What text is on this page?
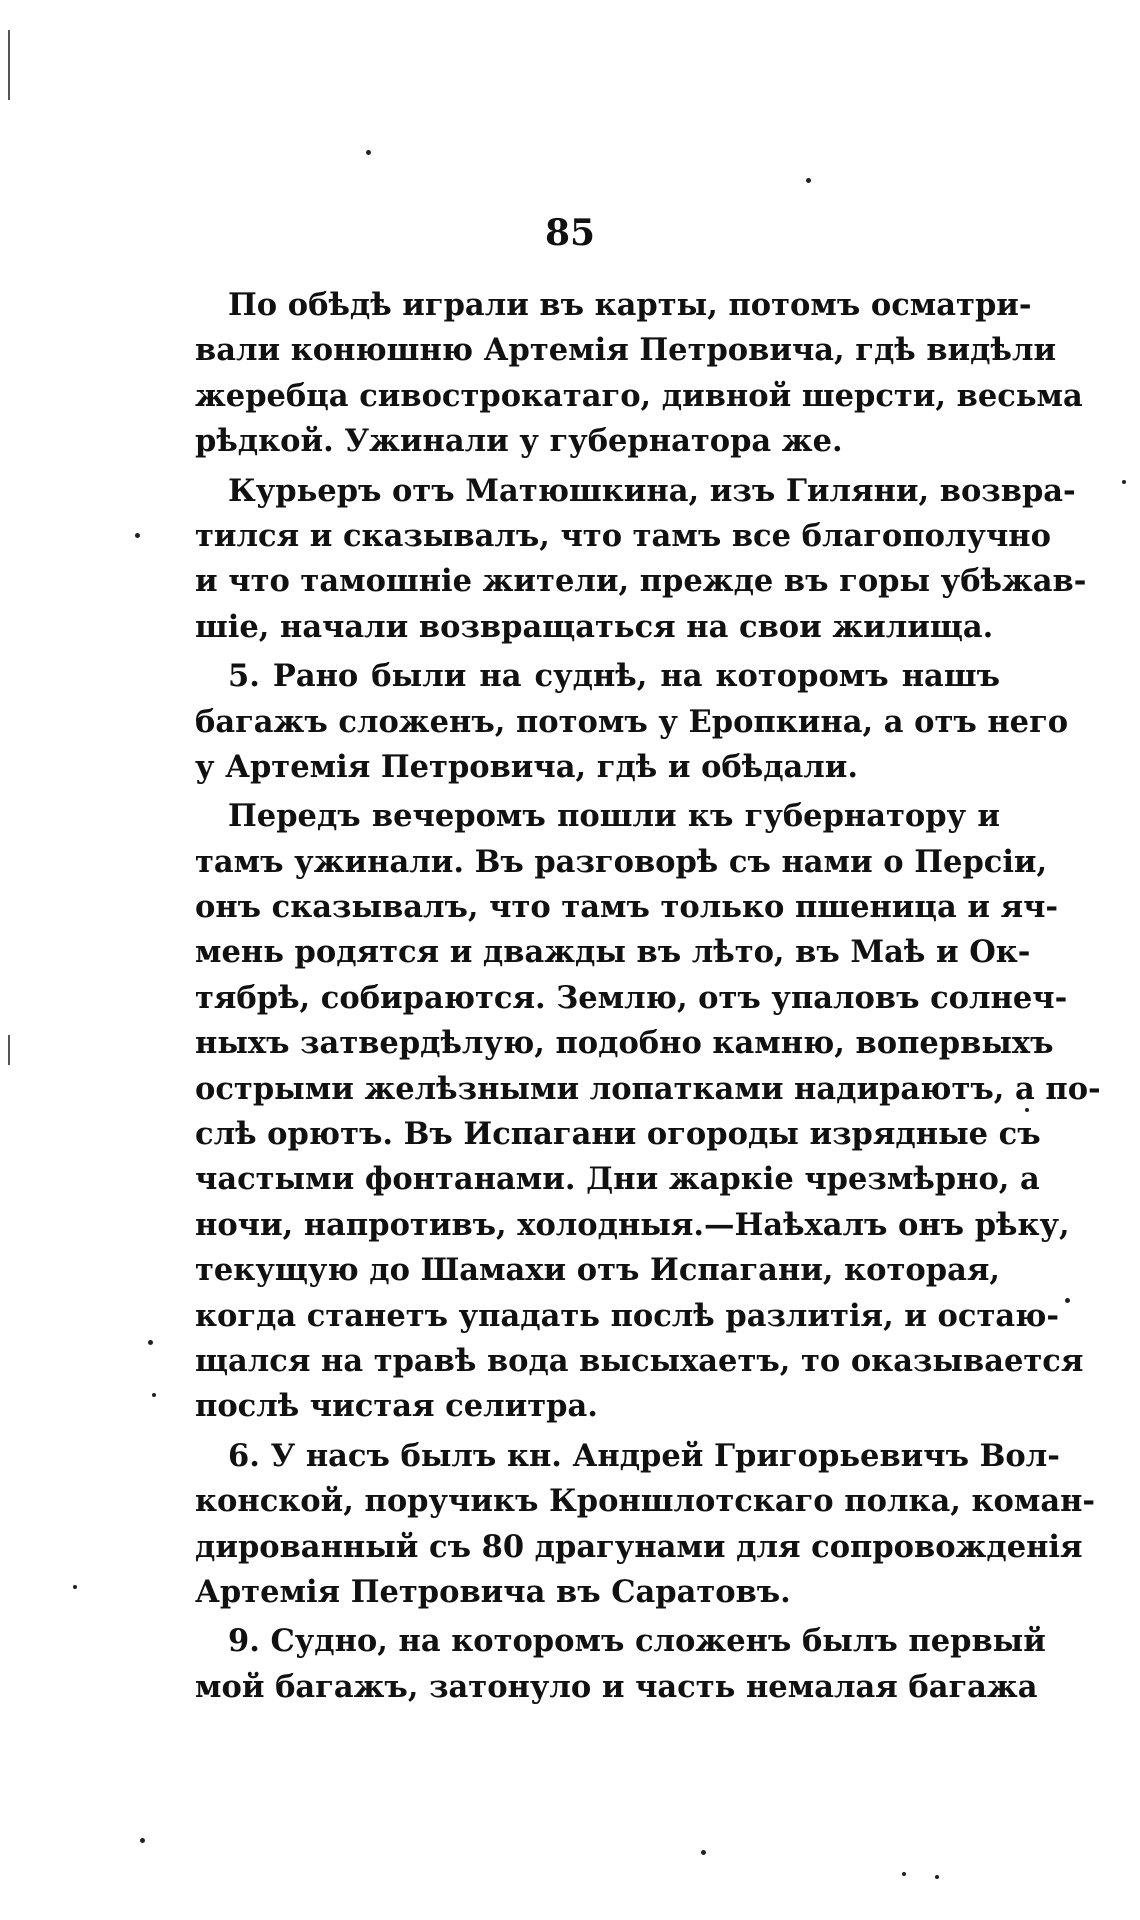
85
По обѣдѣ играли въ карты, потомъ осматри-
вали конюшню Артемія Петровича, гдѣ видѣли
жеребца сивострокатаго, дивной шерсти, весьма
рѣдкой. Ужинали у губернатора же.
Курьеръ отъ Матюшкина, изъ Гиляни, возвра-
тился и сказывалъ, что тамъ все благополучно
и что тамошніе жители, прежде въ горы убѣжав-
шіе, начали возвращаться на свои жилища.
5. Рано были на суднѣ, на которомъ нашъ
багажъ сложенъ, потомъ у Еропкина, а отъ него
у Артемія Петровича, гдѣ и обѣдали.
Передъ вечеромъ пошли къ губернатору и
тамъ ужинали. Въ разговорѣ съ нами о Персіи,
онъ сказывалъ, что тамъ только пшеница и яч-
мень родятся и дважды въ лѣто, въ Маѣ и Ок-
тябрѣ, собираются. Землю, отъ упаловъ солнеч-
ныхъ затвердѣлую, подобно камню, вопервыхъ
острыми желѣзными лопатками надираютъ, а по-
слѣ орютъ. Въ Испагани огороды изрядные съ
частыми фонтанами. Дни жаркіе чрезмѣрно, а
ночи, напротивъ, холодныя.—Наѣхалъ онъ рѣку,
текущую до Шамахи отъ Испагани, которая,
когда станетъ упадать послѣ разлитія, и остаю-
щался на травѣ вода высыхаетъ, то оказывается
послѣ чистая селитра.
6. У насъ былъ кн. Андрей Григорьевичъ Вол-
конской, поручикъ Кроншлотскаго полка, коман-
дированный съ 80 драгунами для сопровожденія
Артемія Петровича въ Саратовъ.
9. Судно, на которомъ сложенъ былъ первый
мой багажъ, затонуло и часть немалая багажа
